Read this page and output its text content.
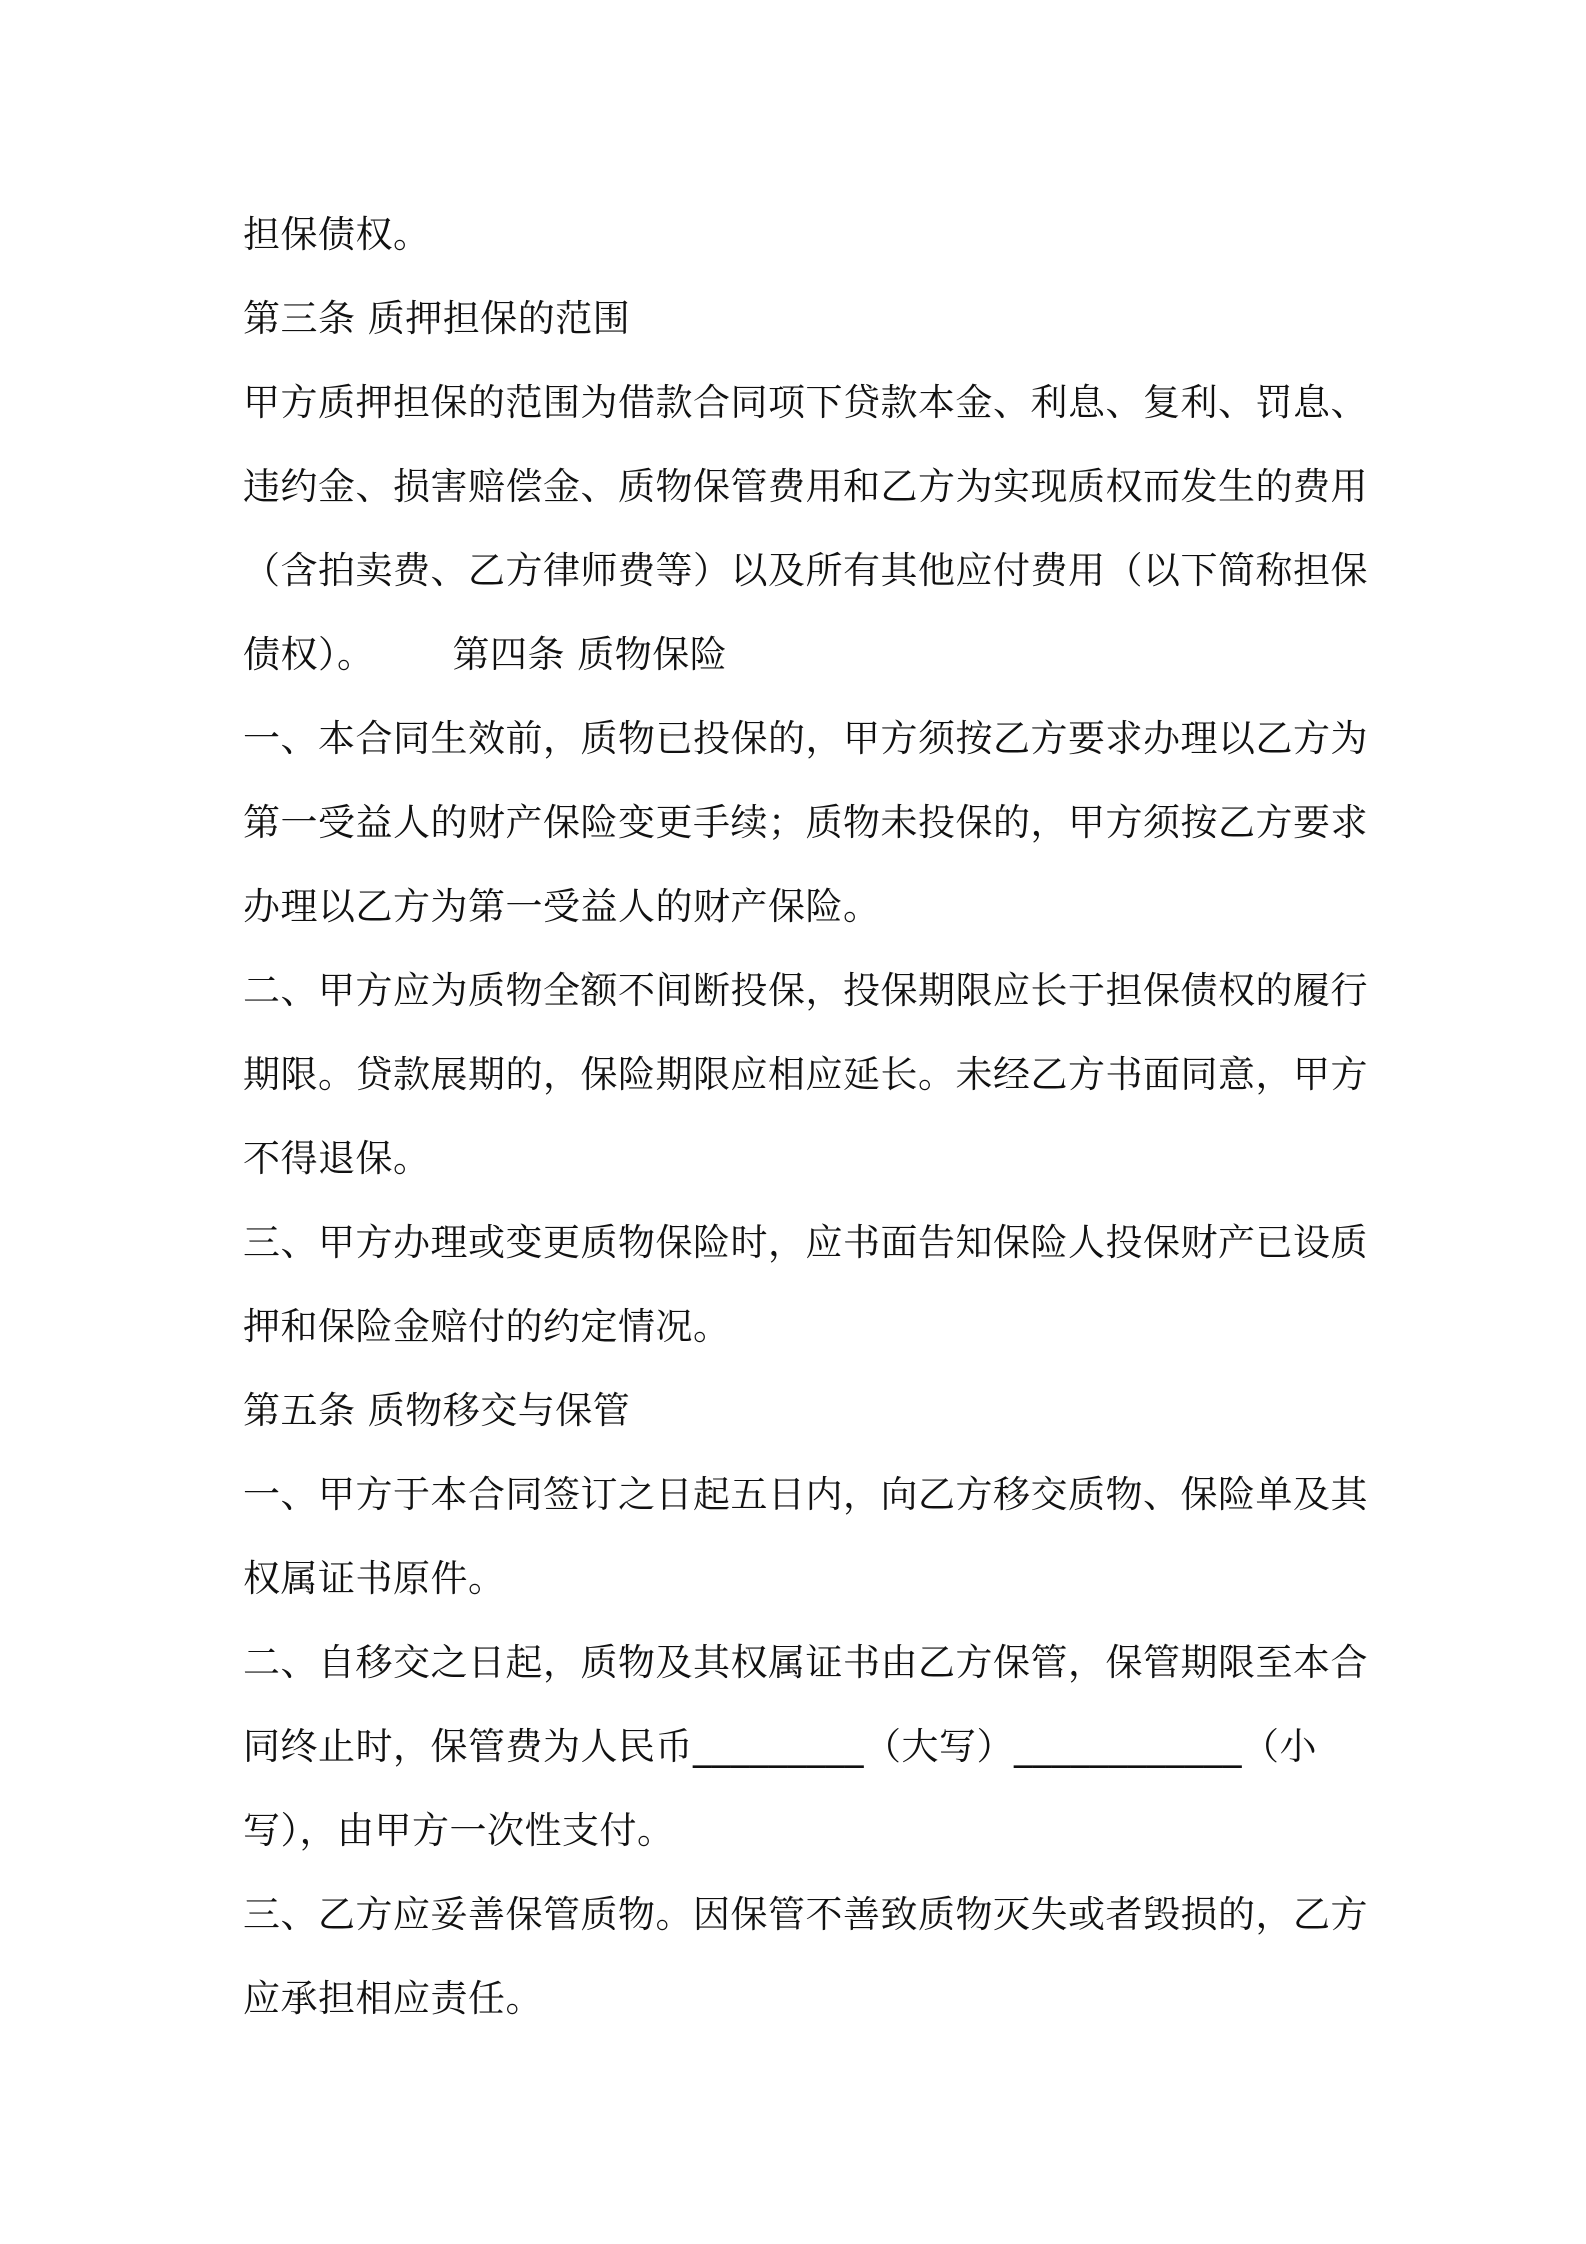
担保债权。
第三条 质押担保的范围
甲方质押担保的范围为借款合同项下贷款本金、利息、复利、罚息、
违约金、损害赔偿金、质物保管费用和乙方为实现质权而发生的费用
（含拍卖费、乙方律师费等）以及所有其他应付费用（以下简称担保
债权）。 第四条 质物保险
一、本合同生效前，质物已投保的，甲方须按乙方要求办理以乙方为
第一受益人的财产保险变更手续；质物未投保的，甲方须按乙方要求
办理以乙方为第一受益人的财产保险。
二、甲方应为质物全额不间断投保，投保期限应长于担保债权的履行
期限。贷款展期的，保险期限应相应延长。未经乙方书面同意，甲方
不得退保。
三、甲方办理或变更质物保险时，应书面告知保险人投保财产已设质
押和保险金赔付的约定情况。
第五条 质物移交与保管
一、甲方于本合同签订之日起五日内，向乙方移交质物、保险单及其
权属证书原件。
二、自移交之日起，质物及其权属证书由乙方保管，保管期限至本合
同终止时，保管费为人民币_________（大写）____________（小
写），由甲方一次性支付。
三、乙方应妥善保管质物。因保管不善致质物灭失或者毁损的，乙方
应承担相应责任。
